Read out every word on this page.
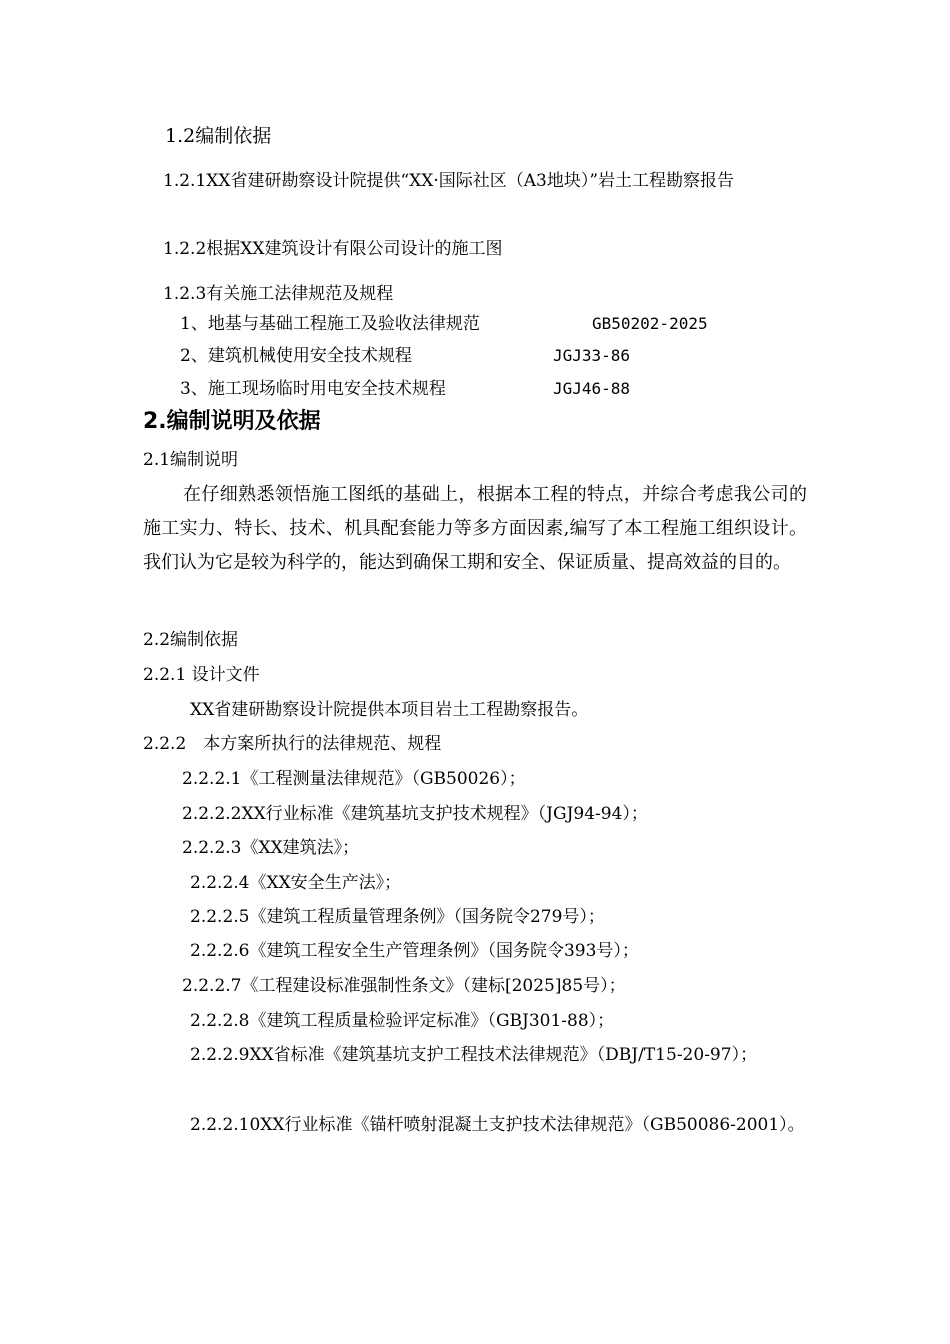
1.2编制依据
1.2.1XX省建研勘察设计院提供“XX·国际社区（A3地块）”岩土工程勘察报告
1.2.2根据XX建筑设计有限公司设计的施工图
1.2.3有关施工法律规范及规程
1、地基与基础工程施工及验收法律规范	GB50202-2025
2、建筑机械使用安全技术规程	JGJ33-86
3、施工现场临时用电安全技术规程	JGJ46-88
2.编制说明及依据
2.1编制说明
在仔细熟悉领悟施工图纸的基础上，根据本工程的特点，并综合考虑我公司的施工实力、特长、技术、机具配套能力等多方面因素,编写了本工程施工组织设计。我们认为它是较为科学的，能达到确保工期和安全、保证质量、提高效益的目的。
2.2编制依据
2.2.1 设计文件
XX省建研勘察设计院提供本项目岩土工程勘察报告。
2.2.2　本方案所执行的法律规范、规程
2.2.2.1《工程测量法律规范》（GB50026）；
2.2.2.2XX行业标准《建筑基坑支护技术规程》（JGJ94-94）；
2.2.2.3《XX建筑法》；
2.2.2.4《XX安全生产法》；
2.2.2.5《建筑工程质量管理条例》（国务院令279号）；
2.2.2.6《建筑工程安全生产管理条例》（国务院令393号）；
2.2.2.7《工程建设标准强制性条文》（建标[2025]85号）；
2.2.2.8《建筑工程质量检验评定标准》（GBJ301-88）；
2.2.2.9XX省标准《建筑基坑支护工程技术法律规范》（DBJ/T15-20-97）；
2.2.2.10XX行业标准《锚杆喷射混凝土支护技术法律规范》（GB50086-2001）。
